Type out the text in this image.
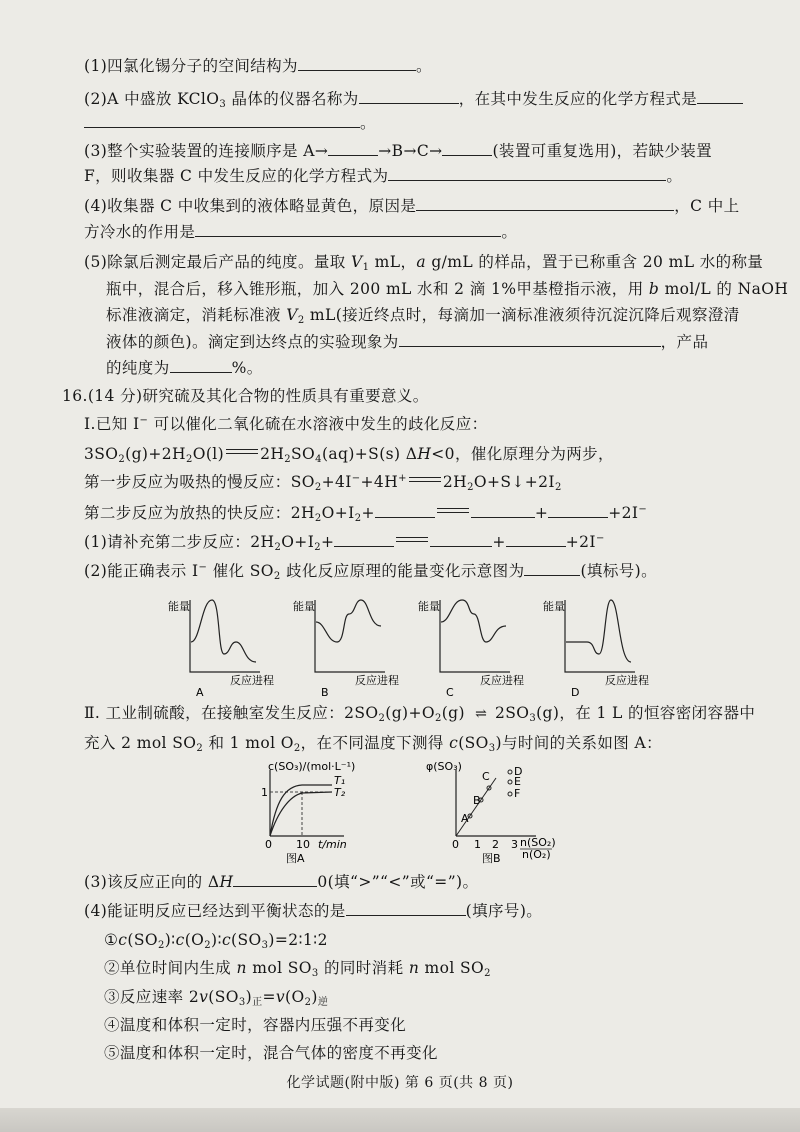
(1)四氯化锡分子的空间结构为	。
(2)A 中盛放 KClO$_3$ 晶体的仪器名称为	，在其中发生反应的化学方程式是
。
(3)整个实验装置的连接顺序是 A→	→B→C→	(装置可重复选用)，若缺少装置
F，则收集器 C 中发生反应的化学方程式为	。
(4)收集器 C 中收集到的液体略显黄色，原因是	，C 中上
方冷水的作用是	。
(5)除氯后测定最后产品的纯度。量取 $V_1$ mL，a g/mL 的样品，置于已称重含 20 mL 水的称量
瓶中，混合后，移入锥形瓶，加入 200 mL 水和 2 滴 1%甲基橙指示液，用 b mol/L 的 NaOH
标准液滴定，消耗标准液 $V_2$ mL(接近终点时，每滴加一滴标准液须待沉淀沉降后观察澄清
液体的颜色)。滴定到达终点的实验现象为	，产品
的纯度为	%。
16.(14 分)研究硫及其化合物的性质具有重要意义。
Ⅰ.已知 I− 可以催化二氧化硫在水溶液中发生的歧化反应：
$3SO_2(g)+2H_2O(l)$ $2H_2SO_4(aq)+S(s)$ ΔH<0，催化原理分为两步，
第一步反应为吸热的慢反应：$SO_2+4I^-+4H^+$ $2H_2O+S↓+2I_2$
第二步反应为放热的快反应：$2H_2O+I_2+$	+	+2I−
(1)请补充第二步反应：$2H_2O+I_2+$	+	+2I−
(2)能正确表示 I− 催化 $SO_2$ 歧化反应原理的能量变化示意图为	(填标号)。
能量
反应进程
A
能量
反应进程
B
能量
反应进程
C
能量
反应进程
D
Ⅱ. 工业制硫酸，在接触室发生反应：$2SO_2(g)+O_2(g)$ ⇌ $2SO_3(g)$，在 1 L 的恒容密闭容器中
充入 2 mol $SO_2$ 和 1 mol $O_2$，在不同温度下测得 $c(SO_3)$与时间的关系如图 A：
c(SO₃)/(mol·L⁻¹)
1
T₁
T₂
0 10 t/min
图A
φ(SO₃)
A
B
C D
E
F
0 1 2 3 n(SO₂)
n(O₂)
图B
(3)该反应正向的 ΔH	0(填“>”“<”或“=”)。
(4)能证明反应已经达到平衡状态的是	(填序号)。
$①c(SO_2)∶c(O_2)∶c(SO_3)=2∶1∶2$
②单位时间内生成 n mol $SO_3$ 的同时消耗 n mol $SO_2$
③反应速率 $2v(SO_3)_正=v(O_2)_逆$
④温度和体积一定时，容器内压强不再变化
⑤温度和体积一定时，混合气体的密度不再变化
化学试题(附中版) 第 6 页(共 8 页)
